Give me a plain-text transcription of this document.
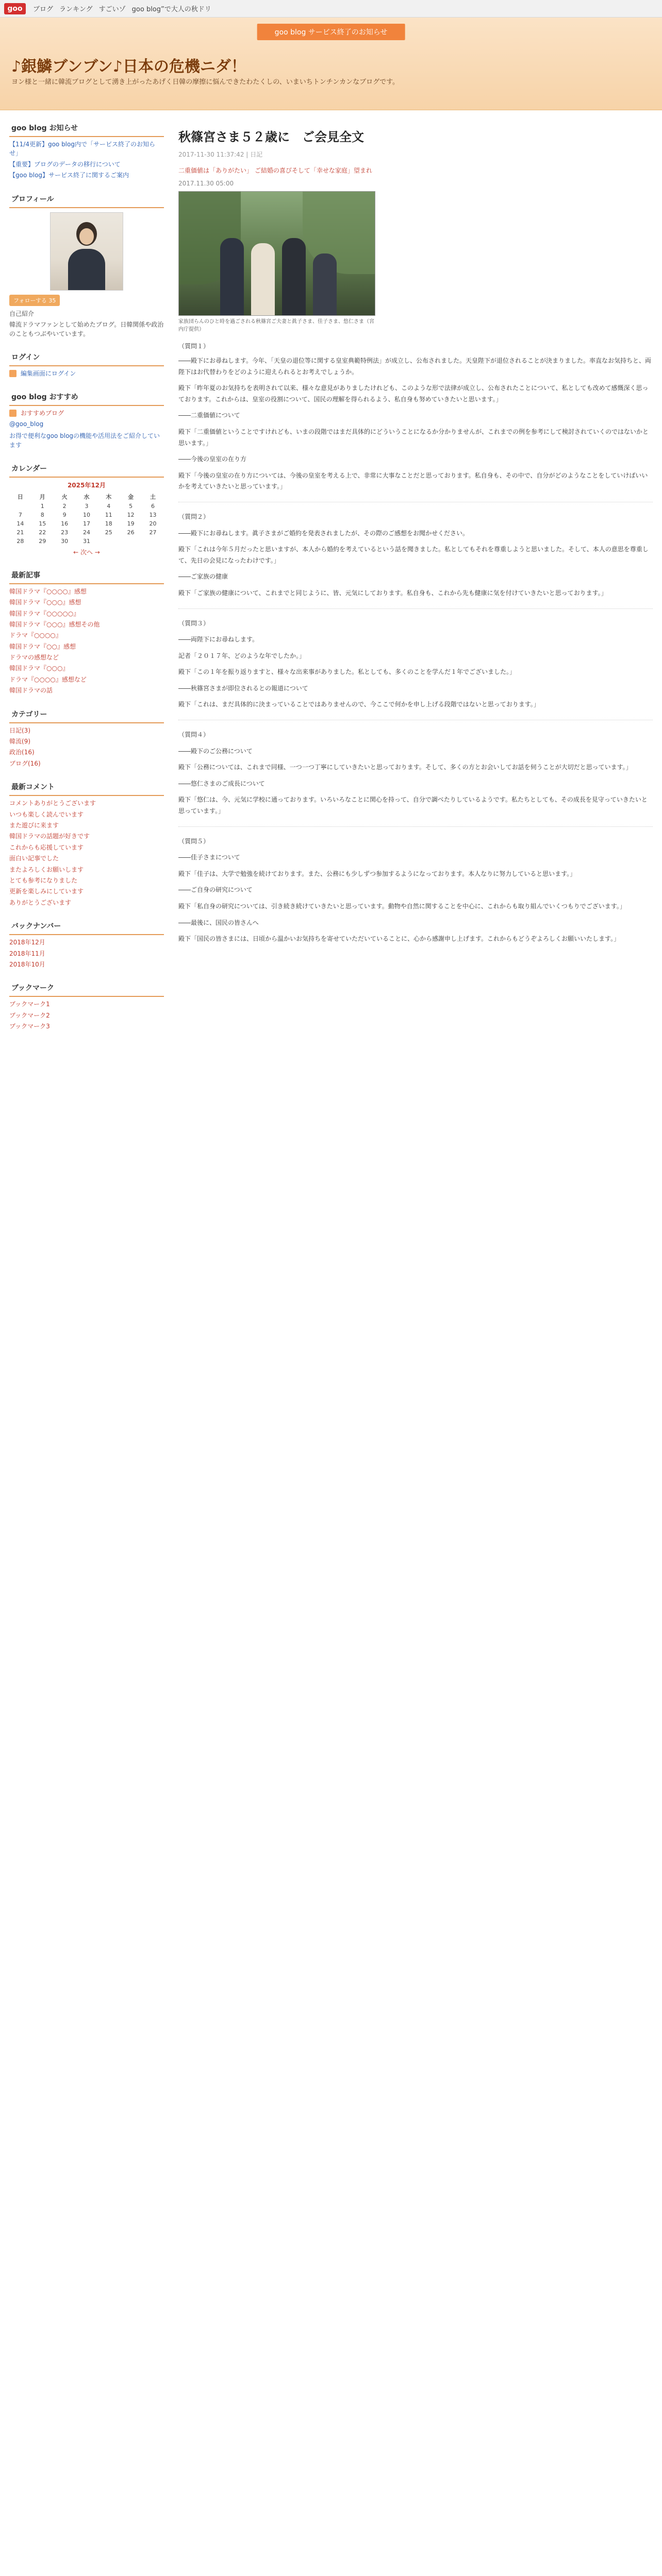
goo	ブログ ランキング すごいゾ goo blog”で大人の秋ドリ
goo blog サービス終了のお知らせ
♪銀鱗ブンブン♪日本の危機ニダ！
ヨン様と一緒に韓流ブログとして湧き上がったあげく日韓の摩擦に悩んできたわたくしの、いまいちトンチンカンなブログです。
goo blog お知らせ
【11/4更新】goo blog内で「サービス終了のお知らせ」
【重要】ブログのデータの移行について
【goo blog】サービス終了に関するご案内
プロフィール
フォローする 35
自己紹介
韓流ドラマファンとして始めたブログ。日韓関係や政治のこともつぶやいています。
ログイン
編集画面にログイン
goo blog おすすめ
おすすめブログ
@goo_blog
お得で便利なgoo blogの機能や活用法をご紹介しています
カレンダー
2025年12月
日	月	火	水	木	金	土
	1	2	3	4	5	6
7	8	9	10	11	12	13
14	15	16	17	18	19	20
21	22	23	24	25	26	27
28	29	30	31			
← 次へ →
最新記事
韓国ドラマ『○○○○』感想
韓国ドラマ『○○○』感想
韓国ドラマ『○○○○○』
韓国ドラマ『○○○』感想その他
ドラマ『○○○○』
韓国ドラマ『○○』感想
ドラマの感想など
韓国ドラマ『○○○』
ドラマ『○○○○』感想など
韓国ドラマの話
カテゴリー
日記(3)
韓流(9)
政治(16)
ブログ(16)
最新コメント
コメントありがとうございます
いつも楽しく読んでいます
また遊びに来ます
韓国ドラマの話題が好きです
これからも応援しています
面白い記事でした
またよろしくお願いします
とても参考になりました
更新を楽しみにしています
ありがとうございます
バックナンバー
2018年12月
2018年11月
2018年10月
ブックマーク
ブックマーク1
ブックマーク2
ブックマーク3
秋篠宮さま５２歳に　ご会見全文
2017-11-30 11:37:42 | 日記
二重価値は「ありがたい」 ご結婚の喜びそして「幸せな家庭」望まれ
2017.11.30 05:00
家族団らんのひと時を過ごされる秋篠宮ご夫妻と眞子さま、佳子さま、悠仁さま（宮内庁提供）
（質問１）
――殿下にお尋ねします。今年、「天皇の退位等に関する皇室典範特例法」が成立し、公布されました。天皇陛下が退位されることが決まりました。率直なお気持ちと、両陛下はお代替わりをどのように迎えられるとお考えでしょうか。
殿下「昨年夏のお気持ちを表明されて以来、様々な意見がありましたけれども、このような形で法律が成立し、公布されたことについて、私としても改めて感慨深く思っております。これからは、皇室の役割について、国民の理解を得られるよう、私自身も努めていきたいと思います。」
――二重価値について
殿下「二重価値ということですけれども、いまの段階ではまだ具体的にどういうことになるか分かりませんが、これまでの例を参考にして検討されていくのではないかと思います。」
――今後の皇室の在り方
殿下「今後の皇室の在り方については、今後の皇室を考える上で、非常に大事なことだと思っております。私自身も、その中で、自分がどのようなことをしていけばいいかを考えていきたいと思っています。」
（質問２）
――殿下にお尋ねします。眞子さまがご婚約を発表されましたが、その際のご感想をお聞かせください。
殿下「これは今年５月だったと思いますが、本人から婚約を考えているという話を聞きました。私としてもそれを尊重しようと思いました。そして、本人の意思を尊重して、先日の会見になったわけです。」
――ご家族の健康
殿下「ご家族の健康について、これまでと同じように、皆、元気にしております。私自身も、これから先も健康に気を付けていきたいと思っております。」
（質問３）
――両陛下にお尋ねします。
記者「２０１７年、どのような年でしたか。」
殿下「この１年を振り返りますと、様々な出来事がありました。私としても、多くのことを学んだ１年でございました。」
――秋篠宮さまが即位されるとの報道について
殿下「これは、まだ具体的に決まっていることではありませんので、今ここで何かを申し上げる段階ではないと思っております。」
（質問４）
――殿下のご公務について
殿下「公務については、これまで同様、一つ一つ丁寧にしていきたいと思っております。そして、多くの方とお会いしてお話を伺うことが大切だと思っています。」
――悠仁さまのご成長について
殿下「悠仁は、今、元気に学校に通っております。いろいろなことに関心を持って、自分で調べたりしているようです。私たちとしても、その成長を見守っていきたいと思っています。」
（質問５）
――佳子さまについて
殿下「佳子は、大学で勉強を続けております。また、公務にも少しずつ参加するようになっております。本人なりに努力していると思います。」
――ご自身の研究について
殿下「私自身の研究については、引き続き続けていきたいと思っています。動物や自然に関することを中心に、これからも取り組んでいくつもりでございます。」
――最後に、国民の皆さんへ
殿下「国民の皆さまには、日頃から温かいお気持ちを寄せていただいていることに、心から感謝申し上げます。これからもどうぞよろしくお願いいたします。」
